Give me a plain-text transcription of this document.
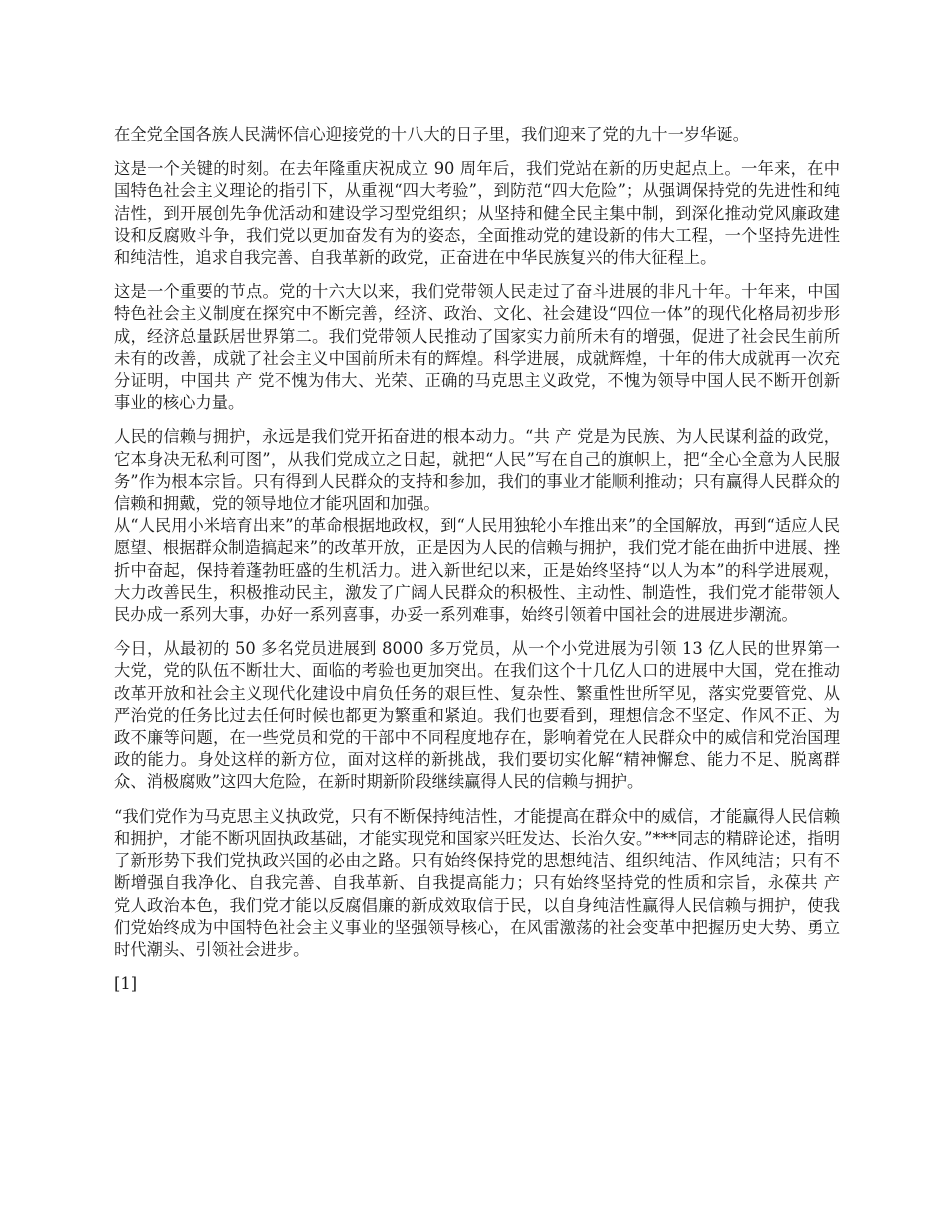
在全党全国各族人民满怀信心迎接党的十八大的日子里，我们迎来了党的九十一岁华诞。

这是一个关键的时刻。在去年隆重庆祝成立 90 周年后，我们党站在新的历史起点上。一年来，在中国特色社会主义理论的指引下，从重视“四大考验”，到防范“四大危险”；从强调保持党的先进性和纯洁性，到开展创先争优活动和建设学习型党组织；从坚持和健全民主集中制，到深化推动党风廉政建设和反腐败斗争，我们党以更加奋发有为的姿态，全面推动党的建设新的伟大工程，一个坚持先进性和纯洁性，追求自我完善、自我革新的政党，正奋进在中华民族复兴的伟大征程上。

这是一个重要的节点。党的十六大以来，我们党带领人民走过了奋斗进展的非凡十年。十年来，中国特色社会主义制度在探究中不断完善，经济、政治、文化、社会建设“四位一体”的现代化格局初步形成，经济总量跃居世界第二。我们党带领人民推动了国家实力前所未有的增强，促进了社会民生前所未有的改善，成就了社会主义中国前所未有的辉煌。科学进展，成就辉煌，十年的伟大成就再一次充分证明，中国共 产 党不愧为伟大、光荣、正确的马克思主义政党，不愧为领导中国人民不断开创新事业的核心力量。

人民的信赖与拥护，永远是我们党开拓奋进的根本动力。“共 产 党是为民族、为人民谋利益的政党，它本身决无私利可图”，从我们党成立之日起，就把“人民”写在自己的旗帜上，把“全心全意为人民服务”作为根本宗旨。只有得到人民群众的支持和参加，我们的事业才能顺利推动；只有赢得人民群众的信赖和拥戴，党的领导地位才能巩固和加强。

从“人民用小米培育出来”的革命根据地政权，到“人民用独轮小车推出来”的全国解放，再到“适应人民愿望、根据群众制造搞起来”的改革开放，正是因为人民的信赖与拥护，我们党才能在曲折中进展、挫折中奋起，保持着蓬勃旺盛的生机活力。进入新世纪以来，正是始终坚持“以人为本”的科学进展观，大力改善民生，积极推动民主，激发了广阔人民群众的积极性、主动性、制造性，我们党才能带领人民办成一系列大事，办好一系列喜事，办妥一系列难事，始终引领着中国社会的进展进步潮流。

今日，从最初的 50 多名党员进展到 8000 多万党员，从一个小党进展为引领 13 亿人民的世界第一大党，党的队伍不断壮大、面临的考验也更加突出。在我们这个十几亿人口的进展中大国，党在推动改革开放和社会主义现代化建设中肩负任务的艰巨性、复杂性、繁重性世所罕见，落实党要管党、从严治党的任务比过去任何时候也都更为繁重和紧迫。我们也要看到，理想信念不坚定、作风不正、为政不廉等问题，在一些党员和党的干部中不同程度地存在，影响着党在人民群众中的威信和党治国理政的能力。身处这样的新方位，面对这样的新挑战，我们要切实化解“精神懈怠、能力不足、脱离群众、消极腐败”这四大危险，在新时期新阶段继续赢得人民的信赖与拥护。

“我们党作为马克思主义执政党，只有不断保持纯洁性，才能提高在群众中的威信，才能赢得人民信赖和拥护，才能不断巩固执政基础，才能实现党和国家兴旺发达、长治久安。”***同志的精辟论述，指明了新形势下我们党执政兴国的必由之路。只有始终保持党的思想纯洁、组织纯洁、作风纯洁；只有不断增强自我净化、自我完善、自我革新、自我提高能力；只有始终坚持党的性质和宗旨，永葆共 产 党人政治本色，我们党才能以反腐倡廉的新成效取信于民，以自身纯洁性赢得人民信赖与拥护，使我们党始终成为中国特色社会主义事业的坚强领导核心，在风雷激荡的社会变革中把握历史大势、勇立时代潮头、引领社会进步。

[1]
